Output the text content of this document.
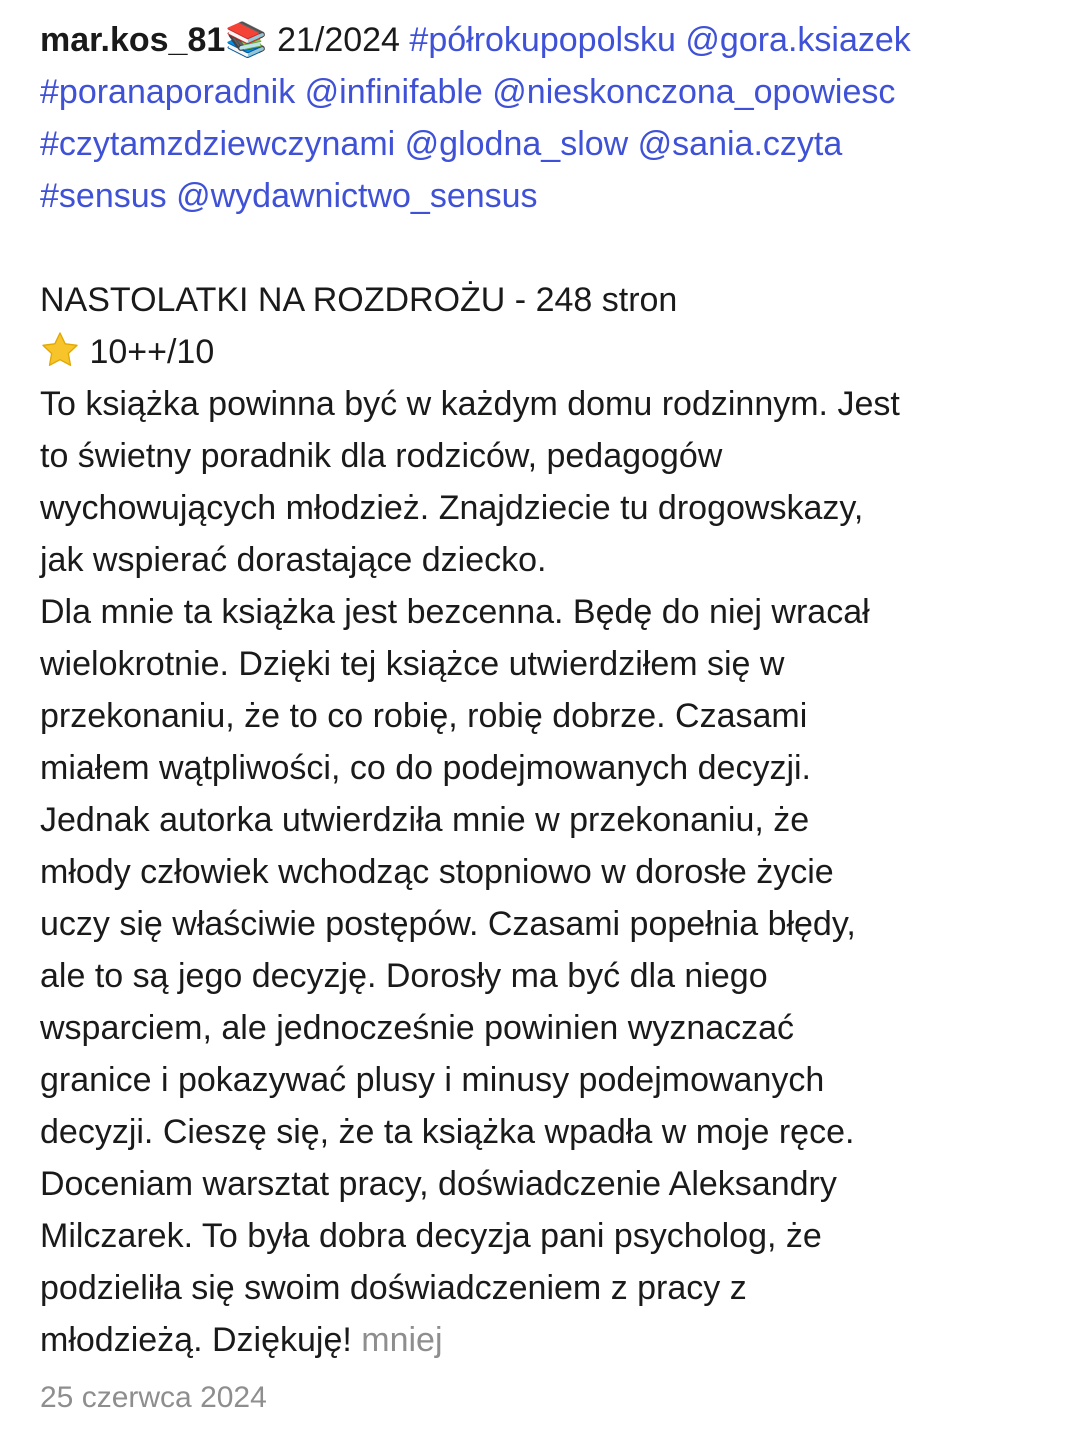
mar.kos_81📚 21/2024 #półrokupopolsku @gora.ksiazek
#poranaporadnik @infinifable @nieskonczona_opowiesc
#czytamzdziewczynami @glodna_slow @sania.czyta
#sensus @wydawnictwo_sensus
NASTOLATKI NA ROZDROŻU - 248 stron
10++/10
To książka powinna być w każdym domu rodzinnym. Jest
to świetny poradnik dla rodziców, pedagogów
wychowujących młodzież. Znajdziecie tu drogowskazy,
jak wspierać dorastające dziecko.
Dla mnie ta książka jest bezcenna. Będę do niej wracał
wielokrotnie. Dzięki tej książce utwierdziłem się w
przekonaniu, że to co robię, robię dobrze. Czasami
miałem wątpliwości, co do podejmowanych decyzji.
Jednak autorka utwierdziła mnie w przekonaniu, że
młody człowiek wchodząc stopniowo w dorosłe życie
uczy się właściwie postępów. Czasami popełnia błędy,
ale to są jego decyzję. Dorosły ma być dla niego
wsparciem, ale jednocześnie powinien wyznaczać
granice i pokazywać plusy i minusy podejmowanych
decyzji. Cieszę się, że ta książka wpadła w moje ręce.
Doceniam warsztat pracy, doświadczenie Aleksandry
Milczarek. To była dobra decyzja pani psycholog, że
podzieliła się swoim doświadczeniem z pracy z
młodzieżą. Dziękuję! mniej
25 czerwca 2024
